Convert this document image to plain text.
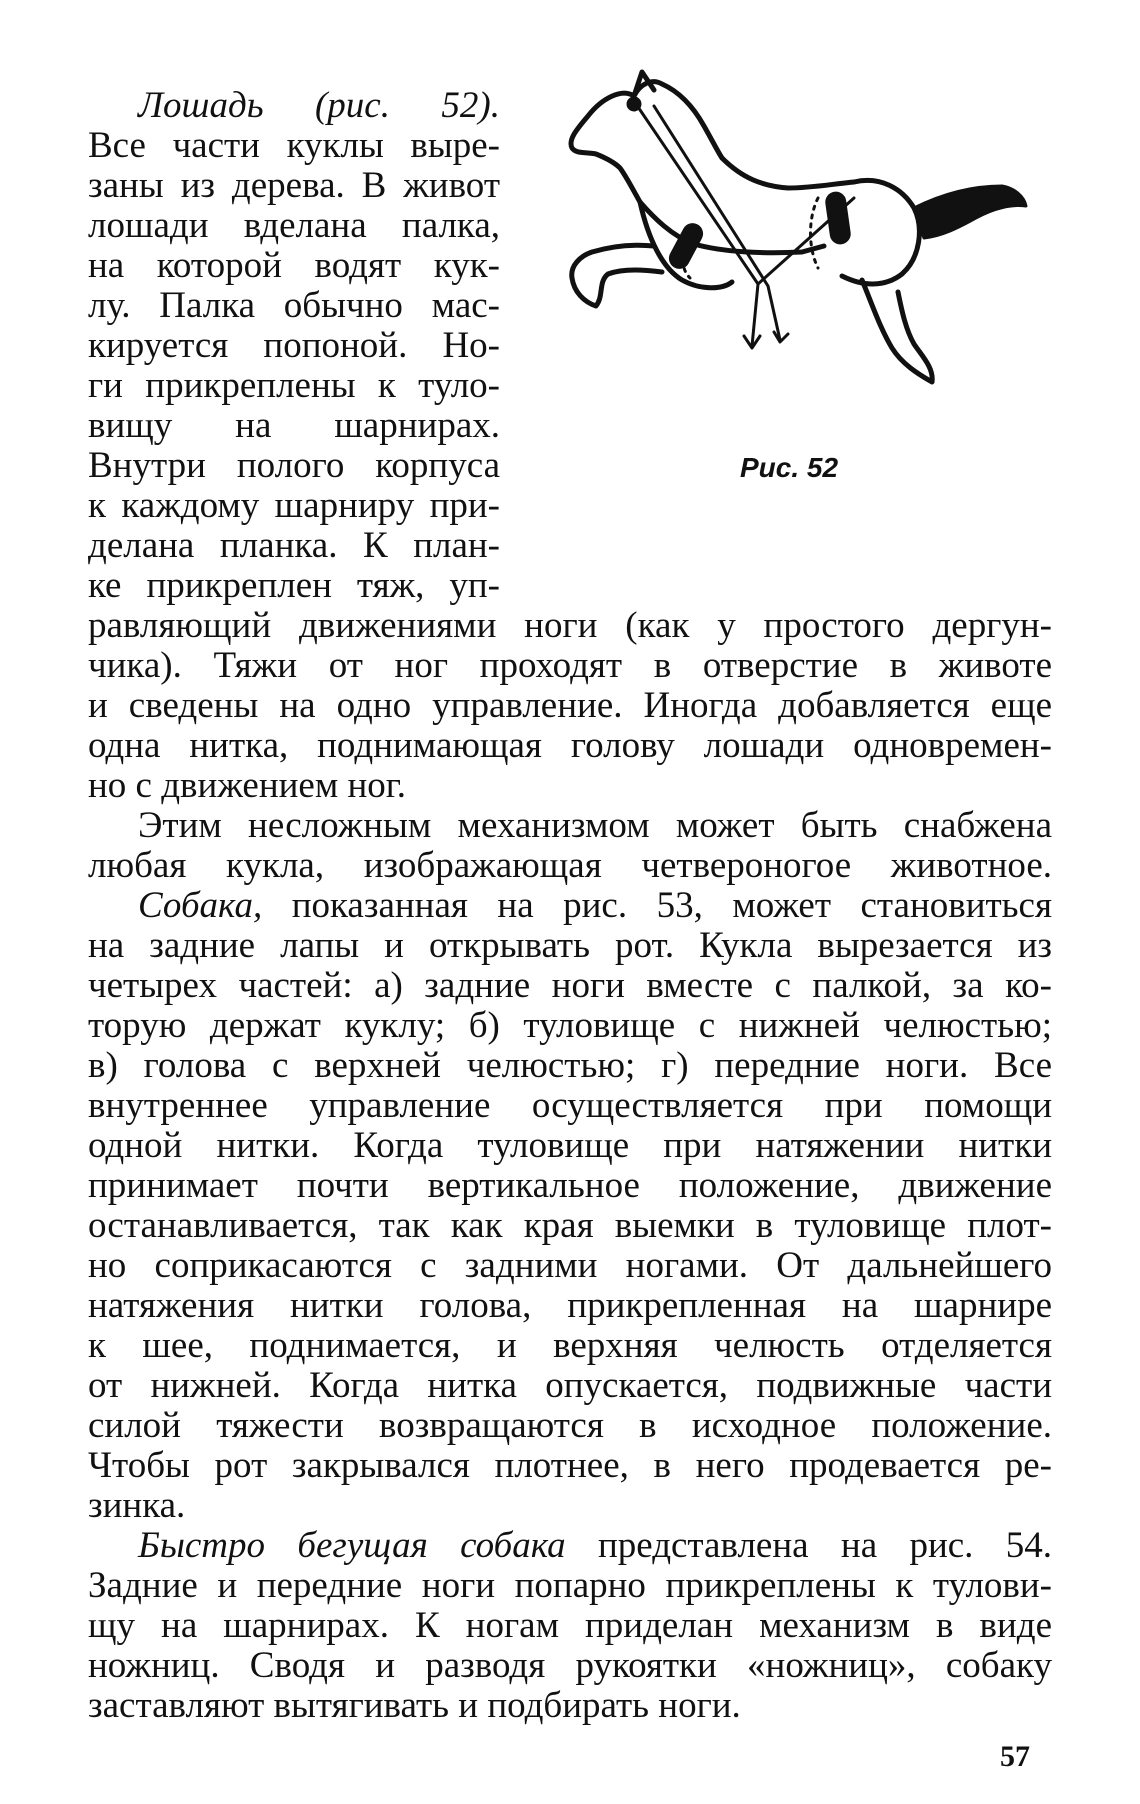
Рис. 52

Лошадь (рис. 52).

Все части куклы выре-

заны из дерева. В живот

лошади вделана палка,

на которой водят кук-

лу. Палка обычно мас-

кируется попоной. Но-

ги прикреплены к туло-

вищу на шарнирах.

Внутри полого корпуса

к каждому шарниру при-

делана планка. К план-

ке прикреплен тяж, уп-

равляющий движениями ноги (как у простого дергун-

чика). Тяжи от ног проходят в отверстие в животе

и сведены на одно управление. Иногда добавляется еще

одна нитка, поднимающая голову лошади одновремен-

но с движением ног.

Этим несложным механизмом может быть снабжена

любая кукла, изображающая четвероногое животное.

Собака, показанная на рис. 53, может становиться

на задние лапы и открывать рот. Кукла вырезается из

четырех частей: а) задние ноги вместе с палкой, за ко-

торую держат куклу; б) туловище с нижней челюстью;

в) голова с верхней челюстью; г) передние ноги. Все

внутреннее управление осуществляется при помощи

одной нитки. Когда туловище при натяжении нитки

принимает почти вертикальное положение, движение

останавливается, так как края выемки в туловище плот-

но соприкасаются с задними ногами. От дальнейшего

натяжения нитки голова, прикрепленная на шарнире

к шее, поднимается, и верхняя челюсть отделяется

от нижней. Когда нитка опускается, подвижные части

силой тяжести возвращаются в исходное положение.

Чтобы рот закрывался плотнее, в него продевается ре-

зинка.

Быстро бегущая собака представлена на рис. 54.

Задние и передние ноги попарно прикреплены к тулови-

щу на шарнирах. К ногам приделан механизм в виде

ножниц. Сводя и разводя рукоятки «ножниц», собаку

заставляют вытягивать и подбирать ноги.

57
